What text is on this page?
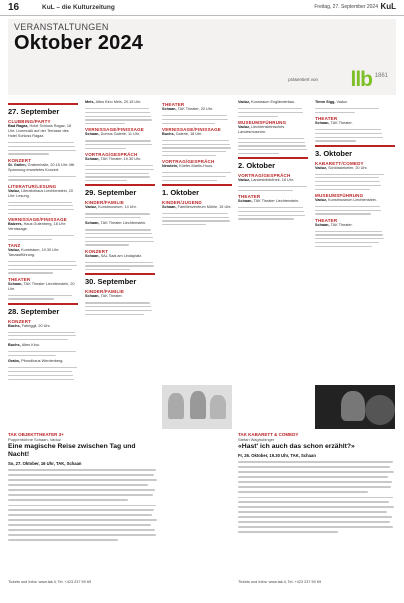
16	KuL – die Kulturzeitung	Freitag, 27. September 2024 KuL
VERANSTALTUNGEN
Oktober 2024
präsentiert von llb 1861
27. September
CLUBBING/PARTY
Bad Ragaz, Hotel Schloss Ragaz, 18 Uhr: Livemusik auf der Terrasse des Hotel Schloss Ragaz.
KONZERT
St. Gallen, Grabenhalle, 20.15 Uhr: Mit Spannung erwartetes Konzert.
LITERATUR/LESUNG
Vaduz, Literaturhaus Liechtenstein, 20 Uhr: Lesung.
VERNISSAGE/FINISSAGE
Balzers, Haus Gutenberg, 18 Uhr: Vernissage.
TANZ
Vaduz, Kunstraum, 19.30 Uhr: Tanzaufführung.
THEATER
Schaan, TAK Theater Liechtenstein, 20 Uhr.
28. September
KONZERT
Buchs, Fabriggli, 20 Uhr.
Buchs, Altes Kino.
Grabs, Pfrundhaus Werdenberg.
Mels, Altes Kino Mels, 20.15 Uhr.
VERNISSAGE/FINISSAGE
Schaan, Domus Galerie, 11 Uhr.
VORTRAG/GESPRÄCH
Schaan, TAK Theater, 19.30 Uhr.
29. September
KINDER/FAMILIE
Vaduz, Kunstmuseum, 14 Uhr.
Schaan, TAK Theater Liechtenstein.
KONZERT
Schaan, SAL Saal am Lindaplatz.
30. September
KINDER/FAMILIE
Schaan, TAK Theater.
THEATER
Schaan, TAK Theater, 20 Uhr.
VERNISSAGE/FINISSAGE
Buchs, Galerie, 18 Uhr.
VORTRAG/GESPRÄCH
Nendeln, Küefer-Martis-Huus.
1. Oktober
KINDER/JUGEND
Schaan, Familienzentrum Mühle, 15 Uhr.
Vaduz, Kunstraum Engländerbau.
MUSEUMSFÜHRUNG
Vaduz, Liechtensteinisches Landesmuseum.
2. Oktober
VORTRAG/GESPRÄCH
Vaduz, Landesbibliothek, 18 Uhr.
THEATER
Schaan, TAK Theater Liechtenstein.
Timm Sigg, Vaduz.
THEATER
Schaan, TAK Theater.
3. Oktober
KABARETT/COMEDY
Vaduz, Schlösslekeller, 20 Uhr.
MUSEUMSFÜHRUNG
Vaduz, Kunstmuseum Liechtenstein.
THEATER
Schaan, TAK Theater.
TAK OBJEKTTHEATER 3+
Puppenbühne Schaan, Vaduz
Eine magische Reise zwischen Tag und Nacht!
So, 27. Oktober, 16 Uhr, TAK, Schaan
Tickets und Infos: www.tak.li, Tel. +423 237 59 69
TAK KABARETT & COMEDY
Stefan Waghubinger
«Hast' ich auch das schon erzählt?»
Fr, 26. Oktober, 19.30 Uhr, TAK, Schaan
Tickets und Infos: www.tak.li, Tel. +423 237 59 69
